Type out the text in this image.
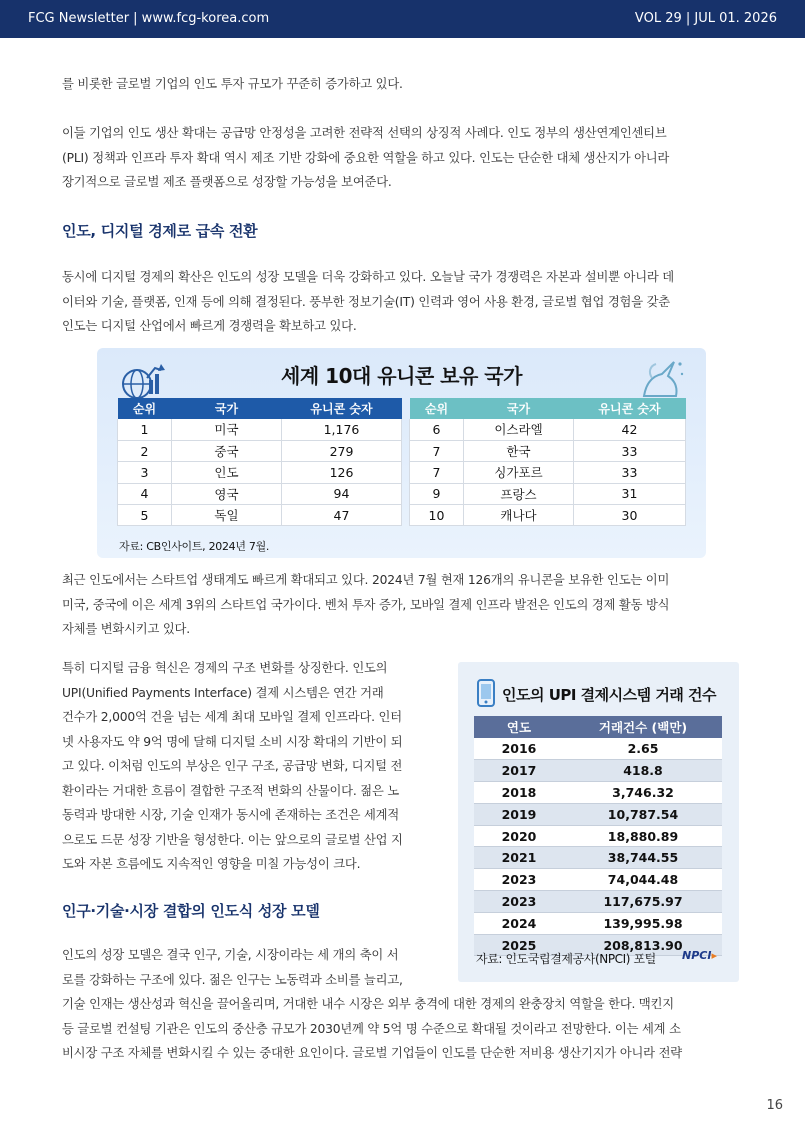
FCG Newsletter | www.fcg-korea.com	VOL 29 | JUL 01. 2026
를 비롯한 글로벌 기업의 인도 투자 규모가 꾸준히 증가하고 있다.
이들 기업의 인도 생산 확대는 공급망 안정성을 고려한 전략적 선택의 상징적 사례다. 인도 정부의 생산연계인센티브
(PLI) 정책과 인프라 투자 확대 역시 제조 기반 강화에 중요한 역할을 하고 있다. 인도는 단순한 대체 생산지가 아니라
장기적으로 글로벌 제조 플랫폼으로 성장할 가능성을 보여준다.
인도, 디지털 경제로 급속 전환
동시에 디지털 경제의 확산은 인도의 성장 모델을 더욱 강화하고 있다. 오늘날 국가 경쟁력은 자본과 설비뿐 아니라 데
이터와 기술, 플랫폼, 인재 등에 의해 결정된다. 풍부한 정보기술(IT) 인력과 영어 사용 환경, 글로벌 협업 경험을 갖춘
인도는 디지털 산업에서 빠르게 경쟁력을 확보하고 있다.
세계 10대 유니콘 보유 국가
순위	국가	유니콘 숫자
1	미국	1,176
2	중국	279
3	인도	126
4	영국	94
5	독일	47
순위	국가	유니콘 숫자
6	이스라엘	42
7	한국	33
7	싱가포르	33
9	프랑스	31
10	캐나다	30
자료: CB인사이트, 2024년 7월.
최근 인도에서는 스타트업 생태계도 빠르게 확대되고 있다. 2024년 7월 현재 126개의 유니콘을 보유한 인도는 이미
미국, 중국에 이은 세계 3위의 스타트업 국가이다. 벤처 투자 증가, 모바일 결제 인프라 발전은 인도의 경제 활동 방식
자체를 변화시키고 있다.
특히 디지털 금융 혁신은 경제의 구조 변화를 상징한다. 인도의
UPI(Unified Payments Interface) 결제 시스템은 연간 거래
건수가 2,000억 건을 넘는 세계 최대 모바일 결제 인프라다. 인터
넷 사용자도 약 9억 명에 달해 디지털 소비 시장 확대의 기반이 되
고 있다. 이처럼 인도의 부상은 인구 구조, 공급망 변화, 디지털 전
환이라는 거대한 흐름이 결합한 구조적 변화의 산물이다. 젊은 노
동력과 방대한 시장, 기술 인재가 동시에 존재하는 조건은 세계적
으로도 드문 성장 기반을 형성한다. 이는 앞으로의 글로벌 산업 지
도와 자본 흐름에도 지속적인 영향을 미칠 가능성이 크다.
인구·기술·시장 결합의 인도식 성장 모델
인도의 성장 모델은 결국 인구, 기술, 시장이라는 세 개의 축이 서
로를 강화하는 구조에 있다. 젊은 인구는 노동력과 소비를 늘리고,
기술 인재는 생산성과 혁신을 끌어올리며, 거대한 내수 시장은 외부 충격에 대한 경제의 완충장치 역할을 한다. 맥킨지
등 글로벌 컨설팅 기관은 인도의 중산층 규모가 2030년께 약 5억 명 수준으로 확대될 것이라고 전망한다. 이는 세계 소
비시장 구조 자체를 변화시킬 수 있는 중대한 요인이다. 글로벌 기업들이 인도를 단순한 저비용 생산기지가 아니라 전략
인도의 UPI 결제시스템 거래 건수
연도	거래건수 (백만)
2016	2.65
2017	418.8
2018	3,746.32
2019	10,787.54
2020	18,880.89
2021	38,744.55
2023	74,044.48
2023	117,675.97
2024	139,995.98
2025	208,813.90
자료: 인도국립결제공사(NPCI) 포털 NPCI▸
16
